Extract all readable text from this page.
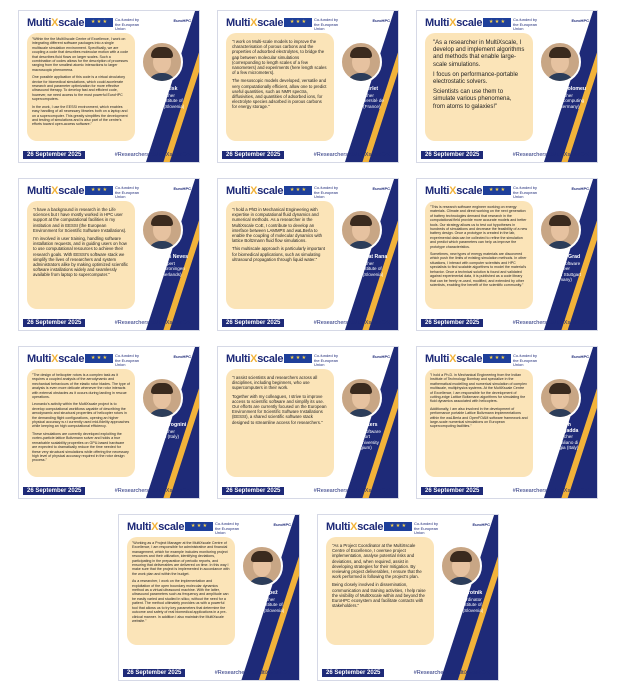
MultiXscale ★ ★ ★ Co-funded by the European Union
EuroHPC

"Within the the MultiXscale Centre of Excellence, I work on integrating different software packages into a single multiscale simulation environment. Specifically, we are coupling a code that describes molecular motion with a code that describes fluid flows on larger scales. Such a combination of codes allows for the description of processes ranging from the smallest atomic interactions to larger macroscopic phenomena.

One possible application of this code is a virtual circulatory device for biomedical simulations, which could accelerate research and parameter optimization for more effective ultrasound therapy. To develop fast and efficient code, however, we need access to the most powerful EuroHPC supercomputers.

In the work, I use the EESSI environment, which enables easy handling of all necessary libraries both on a laptop and on a supercomputer. This greatly simplifies the development and testing of simulations and is also part of the centre's efforts toward open-access software."

Tilen Potisk
Researcher
National Institute of Chemistry (Slovenia)
26 September 2025	#ResearchersAtMultiXscaleCoE
MultiXscale ★ ★ ★ Co-funded by the European Union
EuroHPC

"I work on Multi-scale models to improve the characterisation of porous carbons and the properties of adsorbed electrolytes, to bridge the gap between molecular simulations (corresponding to length scales of a few nanometers) and experiments (here length scales of a few micrometers).

The mesoscopic models developed, versatile and very computationally efficient, allow one to predict useful quantities, such as NMR spectra, diffusivities, and quantities of adsorbed ions, for electrolyte species adsorbed in porous carbons for energy storage."

Céline Merlet
Researcher
CNRS - Université de Toulouse (France)
26 September 2025	#ResearchersAtMultiXscaleCoE
MultiXscale ★ ★ ★ Co-funded by the European Union
EuroHPC

"As a researcher in MultiXscale, I develop and implement algorithms and methods that enable large-scale simulations.

I focus on performance-portable electrostatic solvers.

Scientists can use them to simulate various phenomena, from atoms to galaxies!"

Rodrigo Bartolomeu
Researcher
Jülich Supercomputing Centre (Germany)
26 September 2025	#ResearchersAtMultiXscaleCoE
MultiXscale ★ ★ ★ Co-funded by the European Union
EuroHPC

"I have a background in research in the Life sciences but I have mostly worked in HPC user support at the computational facilities in my institution and in EESSI (the European Environment for Scientific Software Installations).

I'm involved in user training, handling software installation requests, and in guiding users on how to use computational resources to achieve their research goals. With EESSI's software stack we simplify the lives of researchers and system administrators alike by making optimized scientific software installations widely and seamlessly available from laptop to supercomputer."

Pedro Santos Neves
HPC expert
CIT - U. of Groningen (The Netherlands)
26 September 2025	#ResearchersAtMultiXscaleCoE
MultiXscale ★ ★ ★ Co-funded by the European Union
EuroHPC

"I hold a PhD in Mechanical Engineering with expertise in computational fluid dynamics and numerical methods. As a researcher in the MultiXscale CoE, I contribute to develop an interface between LAMMPS and waLBerla to enable the coupling of molecular dynamics with lattice Boltzmann fluid flow simulations.

This multiscale approach is particularly important for biomedical applications, such as simulating ultrasound propagation through liquid water."	Khushi Bakhat Rana
Researcher
National Institute of Chemistry (Slovenia)
26 September 2025	#ResearchersAtMultiXscaleCoE
MultiXscale ★ ★ ★ Co-funded by the European Union
EuroHPC

"This is research software engineer working on energy materials. Climate and direct working on the next generation of battery technologies demand that research in the computational field provide more accurate models and better tools. Our strategy allows us to test out hypotheses in hundreds of simulations and decrease the feasibility of a new battery design. Once a prototype is created in the lab, experimental data can be collected to refine the simulation and predict which parameters can help us improve the prototype characteristics.

Sometimes, new types of energy materials are discovered which push the limits of existing simulation methods. In other situations, I interact with computer scientists and HPC specialists to find scalable algorithms to model the material's behavior. Once a technical solution is found and validated against experimental data, it is published as a code library that can be freely re-used, modified, and extended by other scientists, enabling the benefit of the scientific community."

Jean-Noël Grad
Research software engineer
ICP - U. of Stuttgart (Germany)
26 September 2025	#ResearchersAtMultiXscaleCoE
MultiXscale ★ ★ ★ Co-funded by the European Union
EuroHPC

"The design of helicopter rotors is a complex task as it requires a coupled analysis of the aerodynamic and mechanical behaviours of the elastic rotor blades. The type of analysis is even more delicate whenever the rotor interacts with external obstacles as it occurs during landing in rescue operations.

Leonardo's activity within the MultiXscale project is to develop computational workflows capable of describing the aerodynamic and structural properties of helicopter rotors in the demanding flight configurations, opening an higher physical accuracy w.r.t currently used mid-fidelity approaches while keeping an high computational efficiency.

These simulations are currently developed exploiting the vortex-particle lattice Boltzmann solver and holds a true remarkable scalability properties on GPU-based hardware are expected to dramatically reduce the time needed for these very structural simulations while offering the necessary high level of physical accuracy required in the rotor design process."

Matteo Zanfrognini
Researcher
Leonardo (Italy)
26 September 2025	#ResearchersAtMultiXscaleCoE
MultiXscale ★ ★ ★ Co-funded by the European Union
EuroHPC

"I assist scientists and researchers across all disciplines, including beginners, who use supercomputers in their work.

Together with my colleagues, I strive to improve access to scientific software and simplify its use. Our efforts are currently focused on the European Environment for Scientific Software Installations (EESSI), a shared scientific software stack designed to streamline access for researchers."	Lara Peeters
Scientific Software Support
Ghent University (Belgium)
26 September 2025	#ResearchersAtMultiXscaleCoE
MultiXscale ★ ★ ★ Co-funded by the European Union
EuroHPC

"I hold a Ph.D. in Mechanical Engineering from the Indian Institute of Technology Bombay and specialize in the mathematical modelling and numerical simulation of complex multiscale, multiphysics systems. At the MultiXscale Centre of Excellence, I am responsible for the development of cutting-edge Lattice Boltzmann algorithms for simulating the fluid dynamics associated with helicopters.

Additionally, I am also involved in the development of performance portable Lattice Boltzmann implementations within the waLBerla and OpenFOAM software framework and large-scale numerical simulations on European supercomputing facilities."	Anirudh Jonnalagadda
Researcher
Istituto Italiano di Tecnologia (Italy)
26 September 2025	#ResearchersAtMultiXscaleCoE
MultiXscale ★ ★ ★ Co-funded by the European Union
EuroHPC

"Working as a Project Manager at the MultiXscale Centre of Excellence, I am responsible for administrative and financial management, which for example includes monitoring project resources and their utilization, identifying deviations, participating in the preparation of periodic reports, and ensuring that deliverables are delivered on time. In this way I make sure that the project is implemented in accordance with the work plan and within the budget.

As a researcher, I work on the implementation and exploitation of the open boundary molecular dynamics method as a virtual ultrasound machine. With the latter, ultrasound parameters such as frequency and amplitude can be easily varied and studied in silico, without the need for a patient. The method ultimately provides us with a powerful tool that allows us to try key parameters that determine the outcome and safety of real biomedical applications in a pre-clinical manner. In addition I also maintain the MultiXscale website."

Petra Papež
Researcher
National Institute of Chemistry (Slovenia)
26 September 2025	#ResearchersAtMultiXscaleCoE
MultiXscale ★ ★ ★ Co-funded by the European Union
EuroHPC

"As a Project Coordinator at the MultiXscale Centre of Excellence, I oversee project implementation, analyse potential risks and deviations, and, when required, assist in developing strategies for their mitigation. By reviewing project deliverables, I ensure that the work performed is following the project's plan.

Being closely involved in dissemination, communication and training activities, I help raise the visibility of MultiXscale within and beyond the EuroHPC ecosystem and facilitate contacts with stakeholders."

Matej Praprotnik
Project Coordinator
National Institute of Chemistry (Slovenia)
26 September 2025	#ResearchersAtMultiXscaleCoE
